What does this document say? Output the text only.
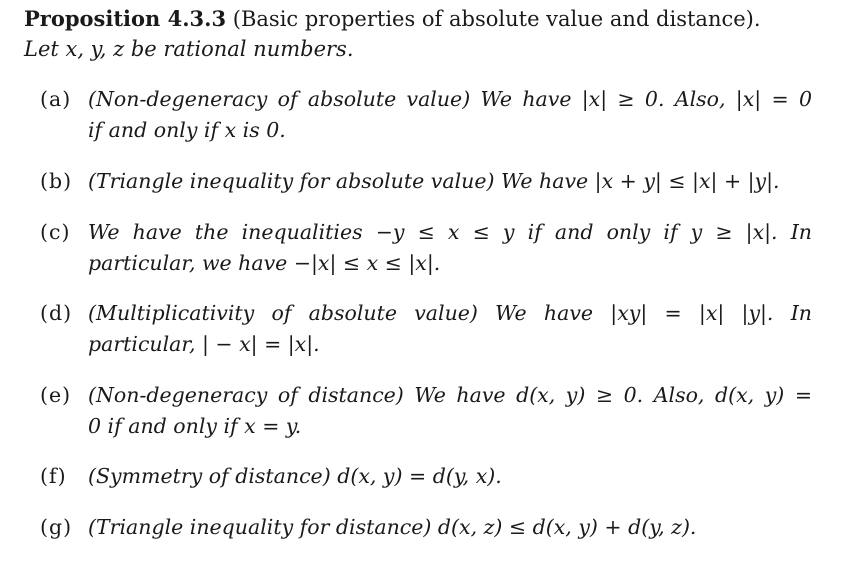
Proposition 4.3.3 (Basic properties of absolute value and distance).
Let x, y, z be rational numbers.
(a) (Non-degeneracy of absolute value) We have |x| ≥ 0. Also, |x| = 0
if and only if x is 0.
(b) (Triangle inequality for absolute value) We have |x + y| ≤ |x| + |y|.
(c) We have the inequalities −y ≤ x ≤ y if and only if y ≥ |x|. In
particular, we have −|x| ≤ x ≤ |x|.
(d) (Multiplicativity of absolute value) We have |xy| = |x| |y|. In
particular, | − x| = |x|.
(e) (Non-degeneracy of distance) We have d(x, y) ≥ 0. Also, d(x, y) =
0 if and only if x = y.
(f) (Symmetry of distance) d(x, y) = d(y, x).
(g) (Triangle inequality for distance) d(x, z) ≤ d(x, y) + d(y, z).
